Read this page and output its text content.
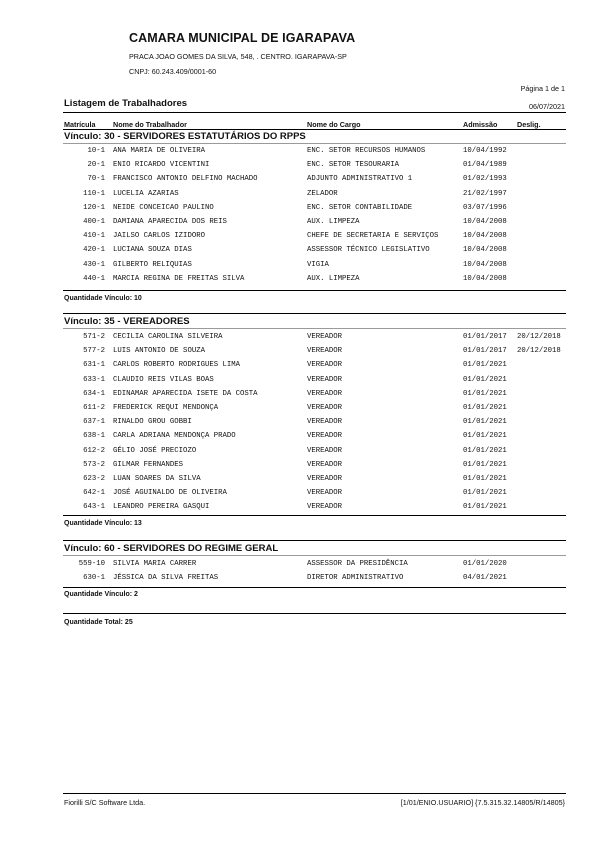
CAMARA MUNICIPAL DE IGARAPAVA
PRACA JOAO GOMES DA SILVA, 548, . CENTRO. IGARAPAVA-SP
CNPJ: 60.243.409/0001-60
Página 1 de 1
Listagem de Trabalhadores	06/07/2021
Matrícula Nome do Trabalhador	Nome do Cargo	Admissão	Deslig.
Vínculo: 30 - SERVIDORES ESTATUTÁRIOS DO RPPS
10-1 ANA MARIA DE OLIVEIRA	ENC. SETOR RECURSOS HUMANOS	10/04/1992
20-1 ENIO RICARDO VICENTINI	ENC. SETOR TESOURARIA	01/04/1989
70-1 FRANCISCO ANTONIO DELFINO MACHADO	ADJUNTO ADMINISTRATIVO 1	01/02/1993
110-1 LUCELIA AZARIAS	ZELADOR	21/02/1997
120-1 NEIDE CONCEICAO PAULINO	ENC. SETOR CONTABILIDADE	03/07/1996
400-1 DAMIANA APARECIDA DOS REIS	AUX. LIMPEZA	10/04/2008
410-1 JAILSO CARLOS IZIDORO	CHEFE DE SECRETARIA E SERVIÇOS	10/04/2008
420-1 LUCIANA SOUZA DIAS	ASSESSOR TÉCNICO LEGISLATIVO	10/04/2008
430-1 GILBERTO RELIQUIAS	VIGIA	10/04/2008
440-1 MARCIA REGINA DE FREITAS SILVA	AUX. LIMPEZA	10/04/2008
Quantidade Vínculo: 10
Vínculo: 35 - VEREADORES
571-2 CECILIA CAROLINA SILVEIRA	VEREADOR	01/01/2017 20/12/2018
577-2 LUIS ANTONIO DE SOUZA	VEREADOR	01/01/2017 20/12/2018
631-1 CARLOS ROBERTO RODRIGUES LIMA	VEREADOR	01/01/2021
633-1 CLAUDIO REIS VILAS BOAS	VEREADOR	01/01/2021
634-1 EDINAMAR APARECIDA ISETE DA COSTA	VEREADOR	01/01/2021
611-2 FREDERICK REQUI MENDONÇA	VEREADOR	01/01/2021
637-1 RINALDO GROU GOBBI	VEREADOR	01/01/2021
638-1 CARLA ADRIANA MENDONÇA PRADO	VEREADOR	01/01/2021
612-2 GÉLIO JOSÉ PRECIOZO	VEREADOR	01/01/2021
573-2 GILMAR FERNANDES	VEREADOR	01/01/2021
623-2 LUAN SOARES DA SILVA	VEREADOR	01/01/2021
642-1 JOSÉ AGUINALDO DE OLIVEIRA	VEREADOR	01/01/2021
643-1 LEANDRO PEREIRA GASQUI	VEREADOR	01/01/2021
Quantidade Vínculo: 13
Vínculo: 60 - SERVIDORES DO REGIME GERAL
559-10 SILVIA MARIA CARRER	ASSESSOR DA PRESIDÊNCIA	01/01/2020
630-1 JÉSSICA DA SILVA FREITAS	DIRETOR ADMINISTRATIVO	04/01/2021
Quantidade Vínculo: 2
Quantidade Total: 25
Fiorilli S/C Software Ltda.	[1/01/ENIO.USUARIO] {7.5.315.32.14805/R/14805}
